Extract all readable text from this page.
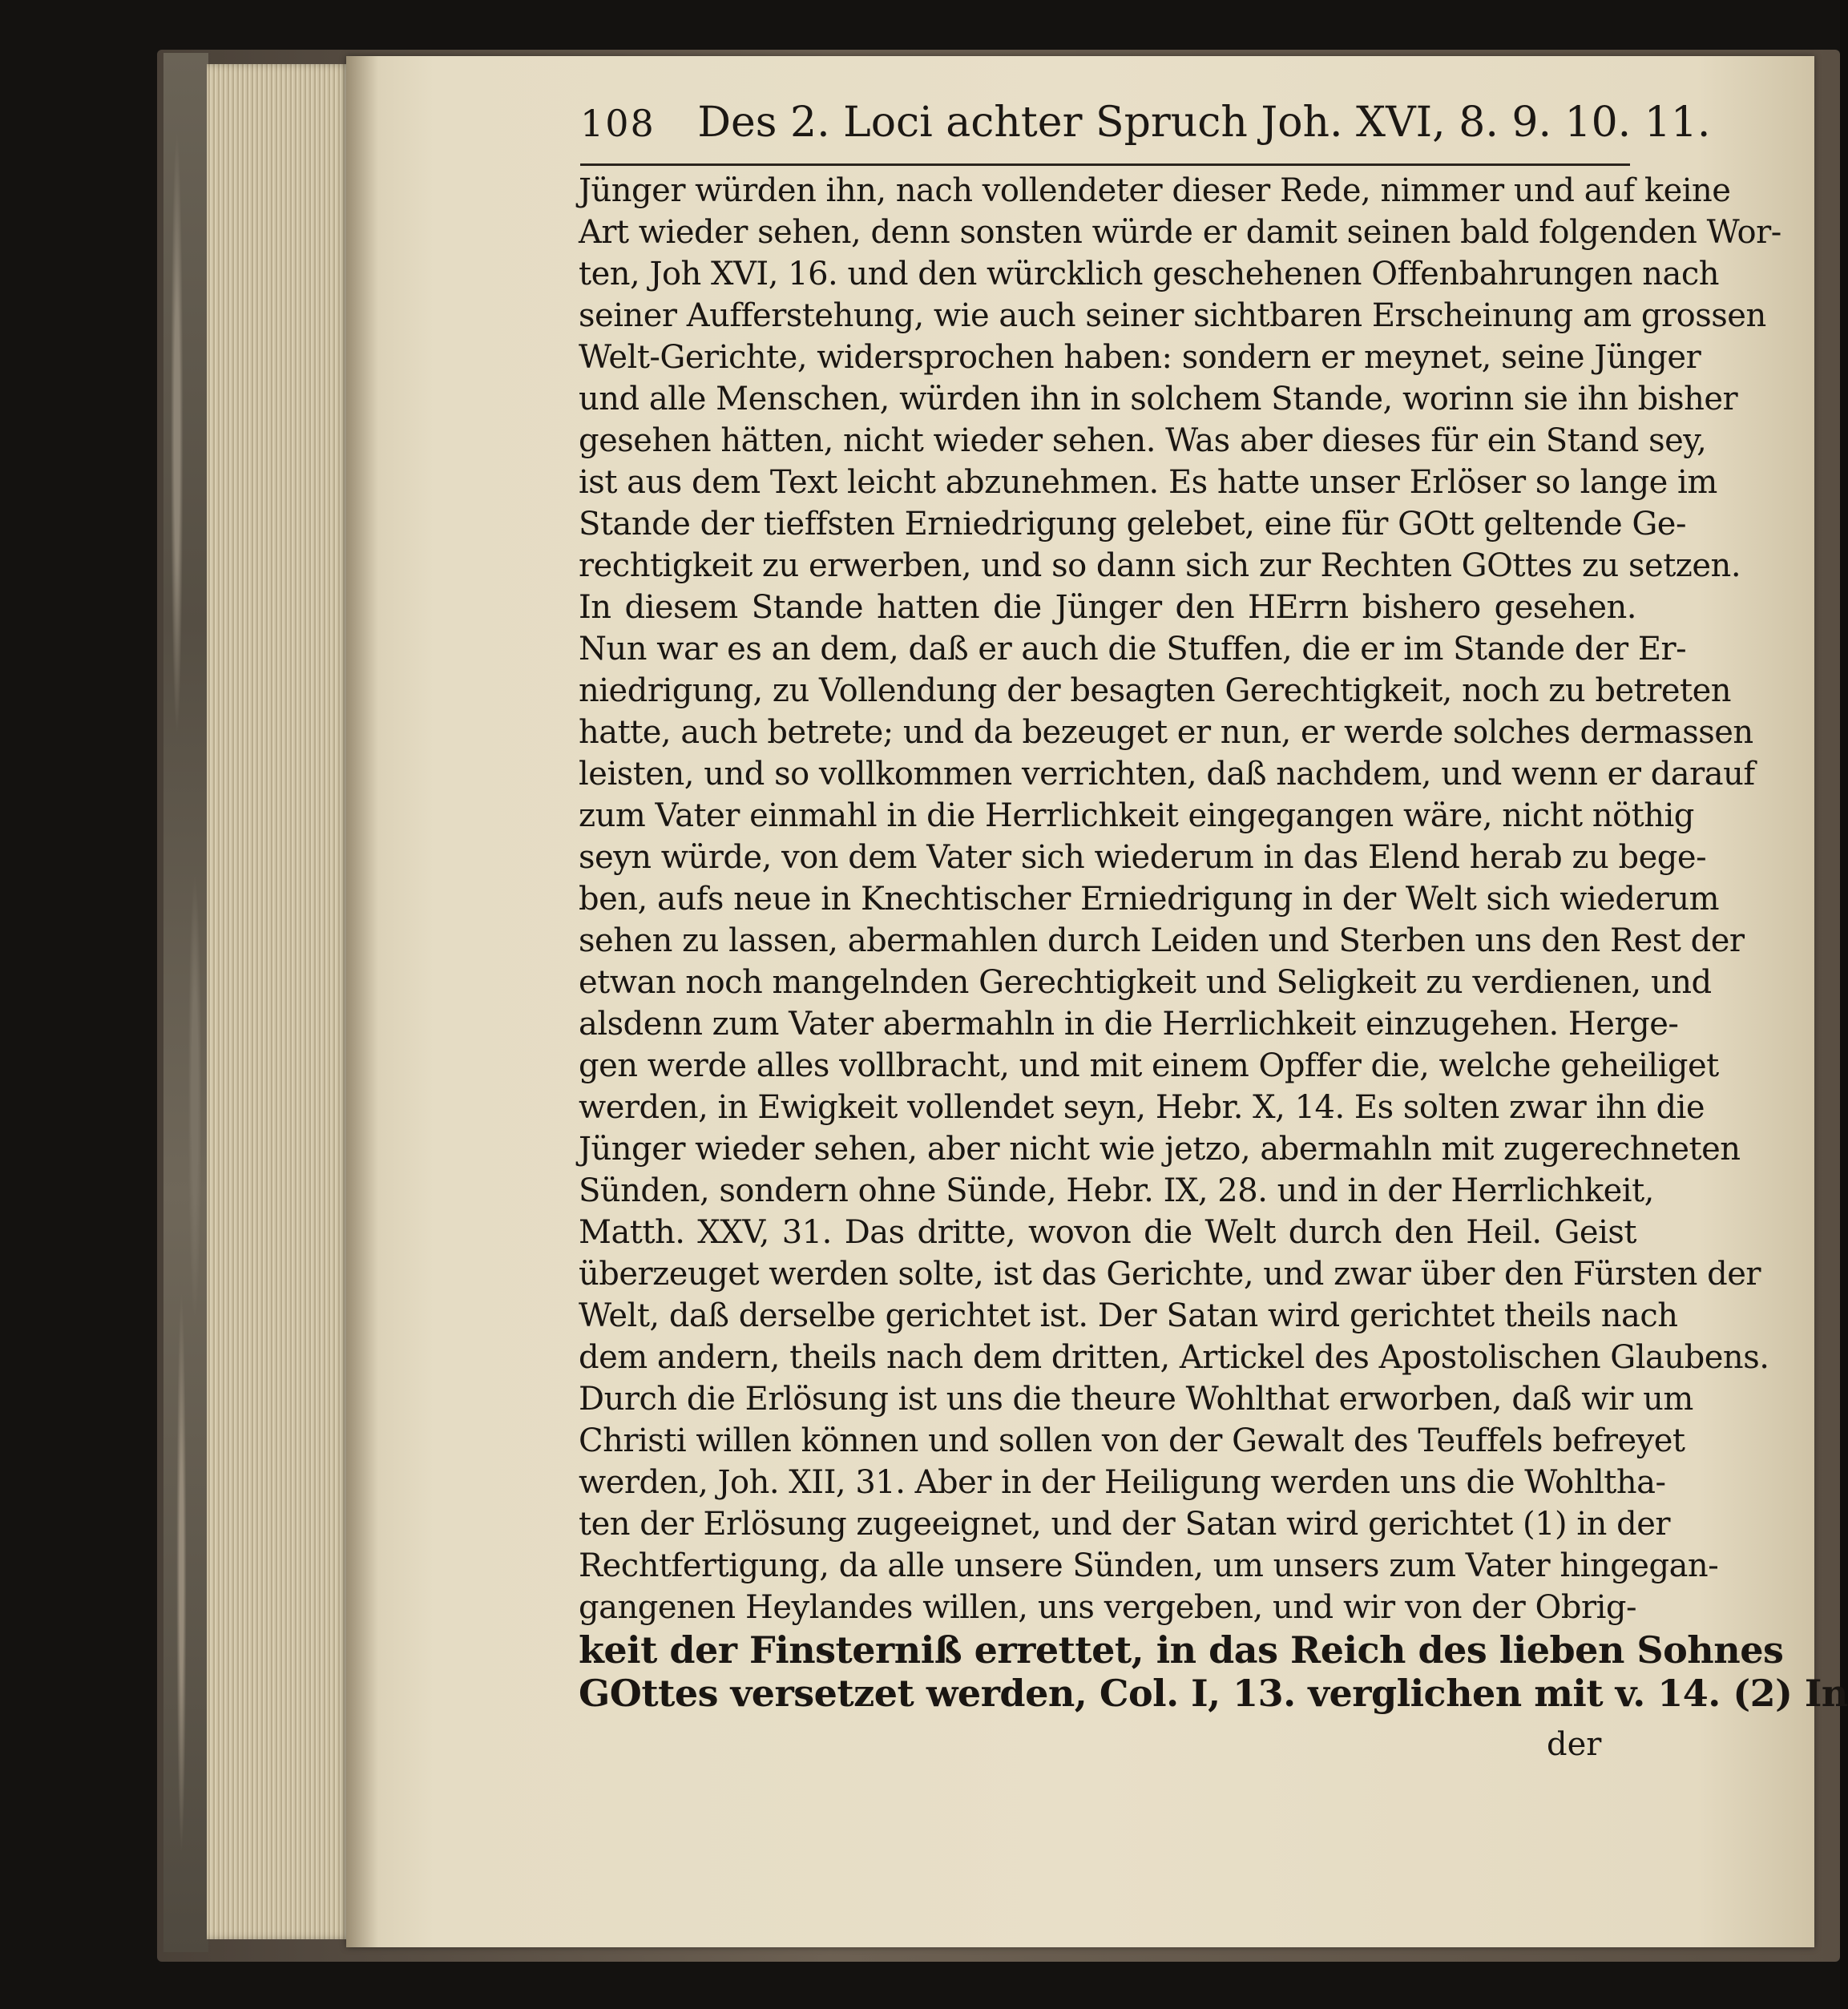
108 Des 2. Loci achter Spruch Joh. XVI, 8. 9. 10. 11.
Jünger würden ihn, nach vollendeter dieser Rede, nimmer und auf keine
Art wieder sehen, denn sonsten würde er damit seinen bald folgenden Wor-
ten, Joh XVI, 16. und den würcklich geschehenen Offenbahrungen nach
seiner Aufferstehung, wie auch seiner sichtbaren Erscheinung am grossen
Welt-Gerichte, widersprochen haben: sondern er meynet, seine Jünger
und alle Menschen, würden ihn in solchem Stande, worinn sie ihn bisher
gesehen hätten, nicht wieder sehen. Was aber dieses für ein Stand sey,
ist aus dem Text leicht abzunehmen. Es hatte unser Erlöser so lange im
Stande der tieffsten Erniedrigung gelebet, eine für GOtt geltende Ge-
rechtigkeit zu erwerben, und so dann sich zur Rechten GOttes zu setzen.
In diesem Stande hatten die Jünger den HErrn bishero gesehen.
Nun war es an dem, daß er auch die Stuffen, die er im Stande der Er-
niedrigung, zu Vollendung der besagten Gerechtigkeit, noch zu betreten
hatte, auch betrete; und da bezeuget er nun, er werde solches dermassen
leisten, und so vollkommen verrichten, daß nachdem, und wenn er darauf
zum Vater einmahl in die Herrlichkeit eingegangen wäre, nicht nöthig
seyn würde, von dem Vater sich wiederum in das Elend herab zu bege-
ben, aufs neue in Knechtischer Erniedrigung in der Welt sich wiederum
sehen zu lassen, abermahlen durch Leiden und Sterben uns den Rest der
etwan noch mangelnden Gerechtigkeit und Seligkeit zu verdienen, und
alsdenn zum Vater abermahln in die Herrlichkeit einzugehen. Herge-
gen werde alles vollbracht, und mit einem Opffer die, welche geheiliget
werden, in Ewigkeit vollendet seyn, Hebr. X, 14. Es solten zwar ihn die
Jünger wieder sehen, aber nicht wie jetzo, abermahln mit zugerechneten
Sünden, sondern ohne Sünde, Hebr. IX, 28. und in der Herrlichkeit,
Matth. XXV, 31. Das dritte, wovon die Welt durch den Heil. Geist
überzeuget werden solte, ist das Gerichte, und zwar über den Fürsten der
Welt, daß derselbe gerichtet ist. Der Satan wird gerichtet theils nach
dem andern, theils nach dem dritten, Artickel des Apostolischen Glaubens.
Durch die Erlösung ist uns die theure Wohlthat erworben, daß wir um
Christi willen können und sollen von der Gewalt des Teuffels befreyet
werden, Joh. XII, 31. Aber in der Heiligung werden uns die Wohltha-
ten der Erlösung zugeeignet, und der Satan wird gerichtet (1) in der
Rechtfertigung, da alle unsere Sünden, um unsers zum Vater hingegan-
gangenen Heylandes willen, uns vergeben, und wir von der Obrig-
keit der Finsterniß errettet, in das Reich des lieben Sohnes
GOttes versetzet werden, Col. I, 13. verglichen mit v. 14. (2) In
der
